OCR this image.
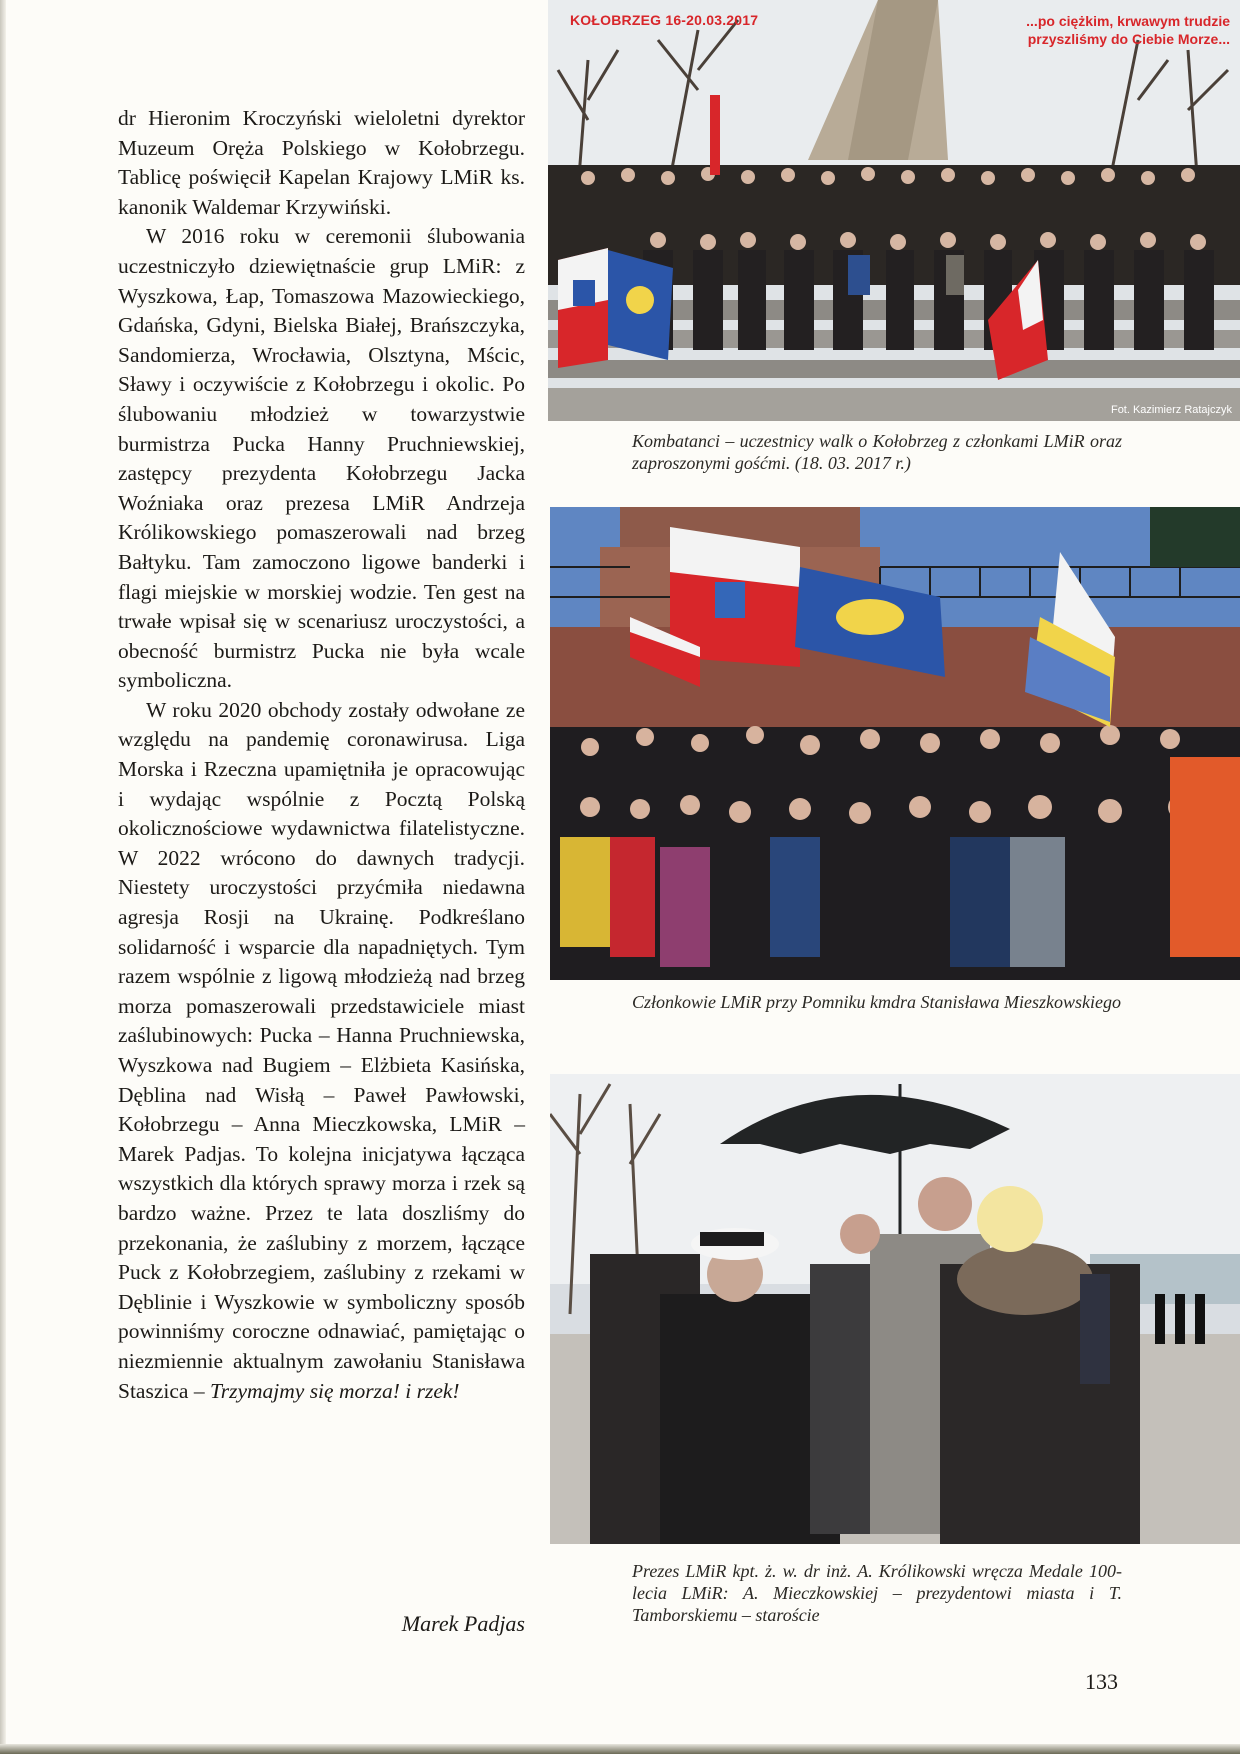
dr Hieronim Kroczyński wieloletni dyrektor Muzeum Oręża Polskiego w Kołobrzegu. Tablicę poświęcił Kapelan Krajowy LMiR ks. kanonik Waldemar Krzywiński.

W 2016 roku w ceremonii ślubowania uczestniczyło dziewiętnaście grup LMiR: z Wyszkowa, Łap, Tomaszowa Mazowieckiego, Gdańska, Gdyni, Bielska Białej, Brańszczyka, Sandomierza, Wrocławia, Olsztyna, Mścic, Sławy i oczywiście z Kołobrzegu i okolic. Po ślubowaniu młodzież w towarzystwie burmistrza Pucka Hanny Pruchniewskiej, zastępcy prezydenta Kołobrzegu Jacka Woźniaka oraz prezesa LMiR Andrzeja Królikowskiego pomaszerowali nad brzeg Bałtyku. Tam zamoczono ligowe banderki i flagi miejskie w morskiej wodzie. Ten gest na trwałe wpisał się w scenariusz uroczystości, a obecność burmistrz Pucka nie była wcale symboliczna.

W roku 2020 obchody zostały odwołane ze względu na pandemię coronawirusa. Liga Morska i Rzeczna upamiętniła je opracowując i wydając wspólnie z Pocztą Polską okolicznościowe wydawnictwa filatelistyczne. W 2022 wrócono do dawnych tradycji. Niestety uroczystości przyćmiła niedawna agresja Rosji na Ukrainę. Podkreślano solidarność i wsparcie dla napadniętych. Tym razem wspólnie z ligową młodzieżą nad brzeg morza pomaszerowali przedstawiciele miast zaślubinowych: Pucka – Hanna Pruchniewska, Wyszkowa nad Bugiem – Elżbieta Kasińska, Dęblina nad Wisłą – Paweł Pawłowski, Kołobrzegu – Anna Mieczkowska, LMiR – Marek Padjas. To kolejna inicjatywa łącząca wszystkich dla których sprawy morza i rzek są bardzo ważne. Przez te lata doszliśmy do przekonania, że zaślubiny z morzem, łączące Puck z Kołobrzegiem, zaślubiny z rzekami w Dęblinie i Wyszkowie w symboliczny sposób powinniśmy coroczne odnawiać, pamiętając o niezmiennie aktualnym zawołaniu Stanisława Staszica – Trzymajmy się morza! i rzek!

Marek Padjas
KOŁOBRZEG 16-20.03.2017	...po ciężkim, krwawym trudzie
przyszliśmy do Ciebie Morze...
Fot. Kazimierz Ratajczyk
Kombatanci – uczestnicy walk o Kołobrzeg z członkami LMiR oraz zaproszonymi gośćmi. (18. 03. 2017 r.)
Członkowie LMiR przy Pomniku kmdra Stanisława Mieszkowskiego
Prezes LMiR kpt. ż. w. dr inż. A. Królikowski wręcza Medale 100-lecia LMiR: A. Mieczkowskiej – prezydentowi miasta i T. Tamborskiemu – staroście
133
